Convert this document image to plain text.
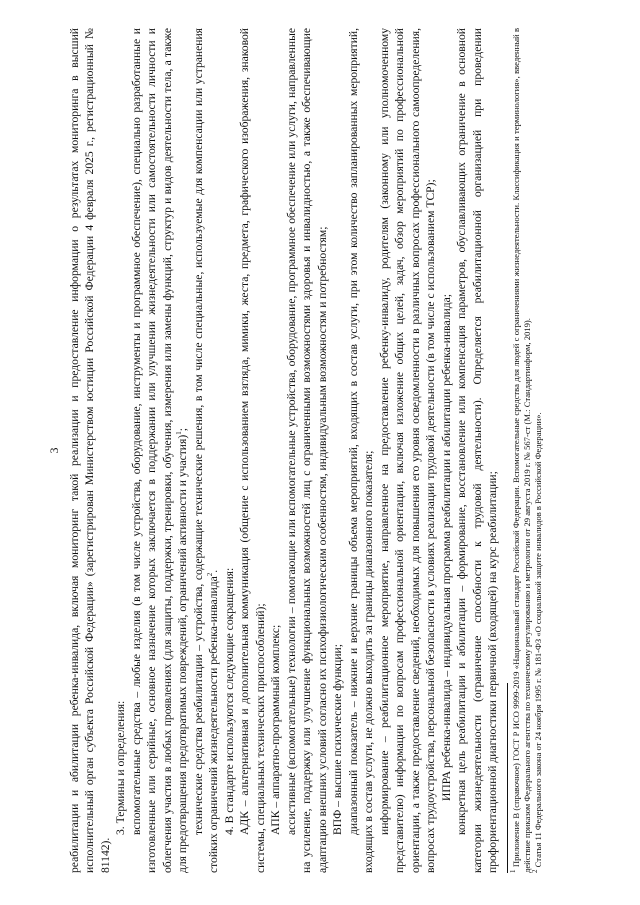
3 реабилитации и абилитации ребенка-инвалида, включая мониторинг такой реализации и предоставление информации о результатах мониторинга в высший исполнительный орган субъекта Российской Федерации» (зарегистрирован Министерством юстиции Российской Федерации 4 февраля 2025 г., регистрационный № 81142).

3. Термины и определения: вспомогательные средства – любые изделия (в том числе устройства, оборудование, инструменты и программное обеспечение), специально разработанные и изготовленные или серийные, основное назначение которых заключается в поддержании или улучшении жизнедеятельности или самостоятельности личности и облегчения участия в любых проявлениях (для защиты, поддержки, тренировки, обучения, измерения или замены функций, структур и видов деятельности тела, а также для предотвращения предотвратимых повреждений, ограничений активности и участия)$^1$; технические средства реабилитации – устройства, содержащие технические решения, в том числе специальные, используемые для компенсации или устранения стойких ограничений жизнедеятельности ребенка-инвалида$^2$. 4. В стандарте используются следующие сокращения: АДК – альтернативная и дополнительная коммуникация (общение с использованием взгляда, мимики, жеста, предмета, графического изображения, знаковой системы, специальных технических приспособлений); АПК – аппаратно-программный комплекс; ассистивные (вспомогательные) технологии – помогающие или вспомогательные устройства, оборудование, программное обеспечение или услуги, направленные на усиление, поддержку или улучшение функциональных возможностей лиц с ограниченными возможностями здоровья и инвалидностью, а также обеспечивающие адаптацию внешних условий согласно их психофизиологическим особенностям, индивидуальным возможностям и потребностям; ВПФ – высшие психические функции; диапазонный показатель – нижние и верхние границы объема мероприятий, входящих в состав услуги, при этом количество запланированных мероприятий, входящих в состав услуги, не должно выходить за границы диапазонного показателя; информирование – реабилитационное мероприятие, направленное на предоставление ребенку-инвалиду, родителям (законному или уполномоченному представителю) информации по вопросам профессиональной ориентации, включая изложение общих целей, задач, обзор мероприятий по профессиональной ориентации, а также предоставление сведений, необходимых для повышения его уровня осведомленности в различных вопросах профессионального самоопределения, вопросах трудоустройства, персональной безопасности в условиях реализации трудовой деятельности (в том числе с использованием ТСР); ИПРА ребенка-инвалида – индивидуальная программа реабилитации и абилитации ребенка-инвалида; конкретная цель реабилитации и абилитации – формирование, восстановление или компенсация параметров, обуславливающих ограничение в основной категории жизнедеятельности (ограничение способности к трудовой деятельности). Определяется реабилитационной организацией при проведении профориентационной диагностики первичной (входящей) на курс реабилитации; $^1$ Приложение В (справочное) ГОСТ Р ИСО 9999-2019 «Национальный стандарт Российской Федерации. Вспомогательные средства для людей с ограничениями жизнедеятельности. Классификация и терминология», введенный в действие приказом Федерального агентства по техническому регулированию и метрологии от 29 августа 2019 г. № 567-ст (М.: Стандартинформ, 2019). $^2$ Статья 11 Федерального закона от 24 ноября 1995 г. № 181-ФЗ «О социальной защите инвалидов в Российской Федерации».
